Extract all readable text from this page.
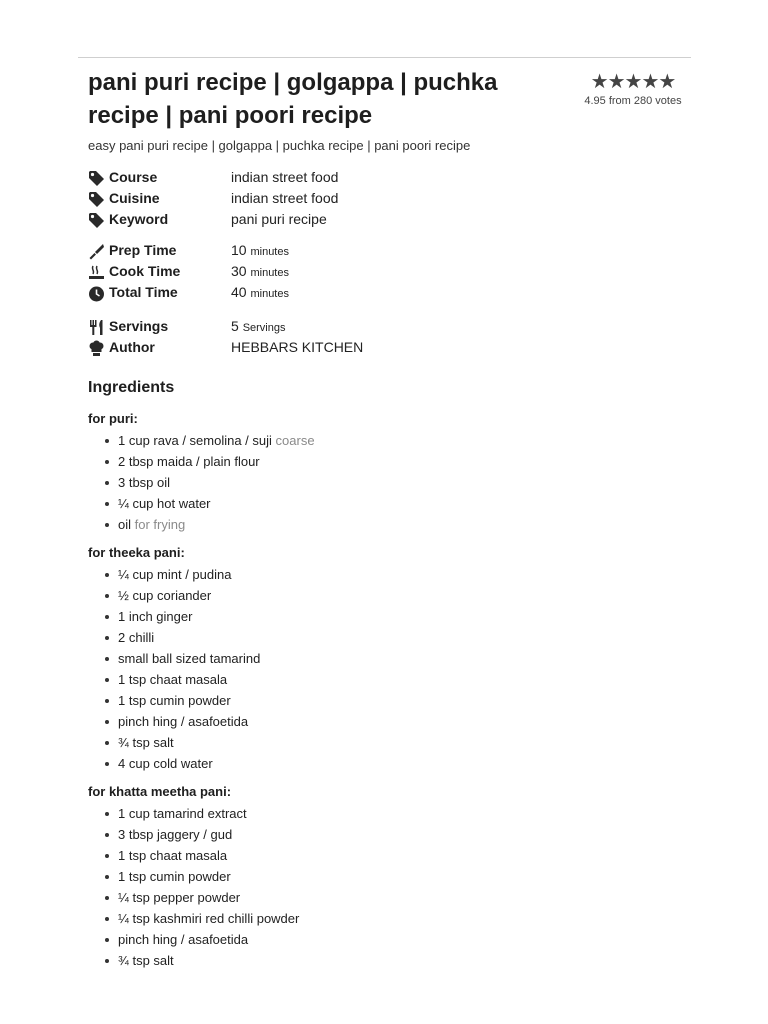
pani puri recipe | golgappa | puchka recipe | pani poori recipe
★★★★★
4.95 from 280 votes
easy pani puri recipe | golgappa | puchka recipe | pani poori recipe
Course	indian street food
Cuisine	indian street food
Keyword	pani puri recipe
Prep Time	10 minutes
Cook Time	30 minutes
Total Time	40 minutes
Servings	5 Servings
Author	HEBBARS KITCHEN
Ingredients
for puri:
1 cup rava / semolina / suji coarse
2 tbsp maida / plain flour
3 tbsp oil
¼ cup hot water
oil for frying
for theeka pani:
¼ cup mint / pudina
½ cup coriander
1 inch ginger
2 chilli
small ball sized tamarind
1 tsp chaat masala
1 tsp cumin powder
pinch hing / asafoetida
¾ tsp salt
4 cup cold water
for khatta meetha pani:
1 cup tamarind extract
3 tbsp jaggery / gud
1 tsp chaat masala
1 tsp cumin powder
¼ tsp pepper powder
¼ tsp kashmiri red chilli powder
pinch hing / asafoetida
¾ tsp salt
